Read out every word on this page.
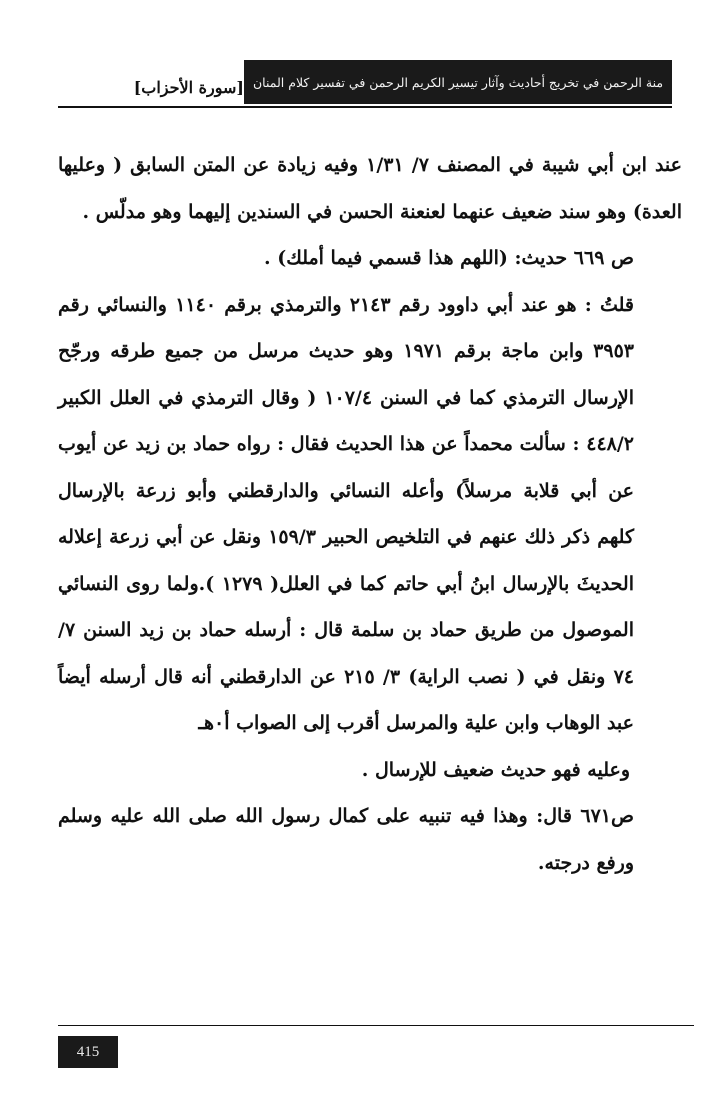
منة الرحمن في تخريج أحاديث وآثار تيسير الكريم الرحمن في تفسير كلام المنان
[سورة الأحزاب]

عند ابن أبي شيبة في المصنف ٧/ ١/٣١ وفيه زيادة عن المتن السابق ( وعليها العدة) وهو سند ضعيف عنهما لعنعنة الحسن في السندين إليهما وهو مدلّس .

ص ٦٦٩ حديث: (اللهم هذا قسمي فيما أملك) .

قلتُ : هو عند أبي داوود رقم ٢١٤٣ والترمذي برقم ١١٤٠ والنسائي رقم ٣٩٥٣ وابن ماجة برقم ١٩٧١ وهو حديث مرسل من جميع طرقه ورجّح الإرسال الترمذي كما في السنن ١٠٧/٤ ( وقال الترمذي في العلل الكبير ٤٤٨/٢ : سألت محمداً عن هذا الحديث فقال : رواه حماد بن زيد عن أيوب عن أبي قلابة مرسلاً) وأعله النسائي والدارقطني وأبو زرعة بالإرسال كلهم ذكر ذلك عنهم في التلخيص الحبير ١٥٩/٣ ونقل عن أبي زرعة إعلاله الحديثَ بالإرسال ابنُ أبي حاتم كما في العلل( ١٢٧٩ ).ولما روى النسائي الموصول من طريق حماد بن سلمة قال : أرسله حماد بن زيد السنن ٧/ ٧٤ ونقل في ( نصب الراية) ٣/ ٢١٥ عن الدارقطني أنه قال أرسله أيضاً عبد الوهاب وابن علية والمرسل أقرب إلى الصواب أ٠هـ

وعليه فهو حديث ضعيف للإرسال .

ص٦٧١ قال: وهذا فيه تنبيه على كمال رسول الله صلى الله عليه وسلم ورفع درجته.

415
